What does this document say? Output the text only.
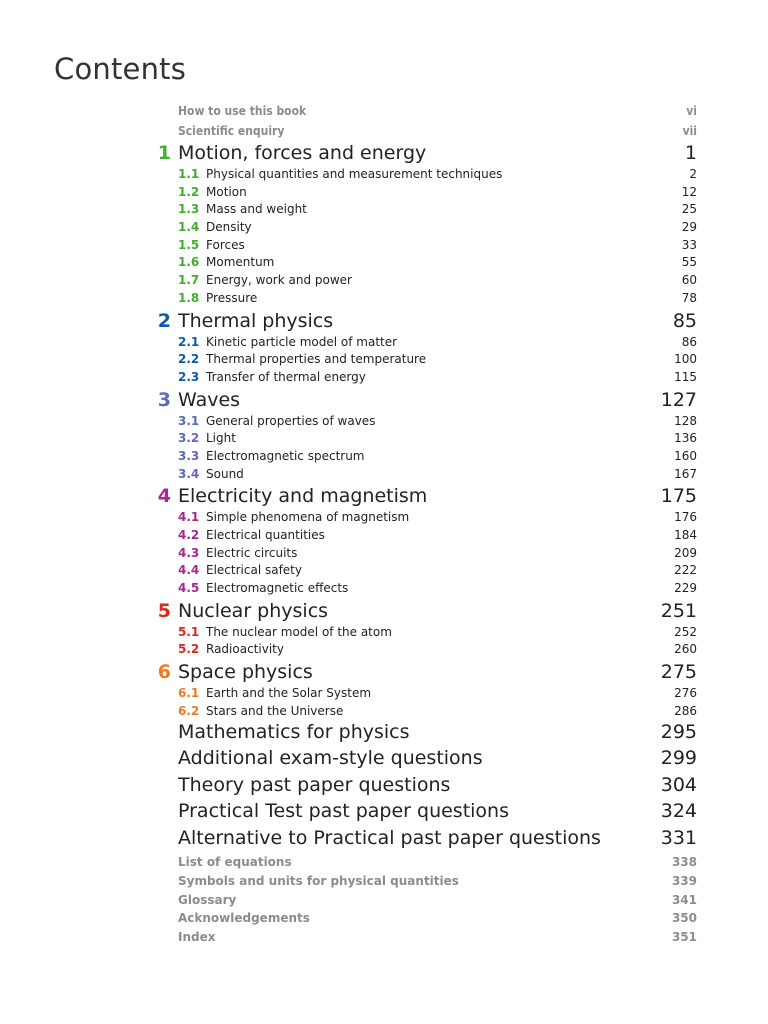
Contents
How to use this book	vi
Scientific enquiry	vii
1 Motion, forces and energy	1
1.1 Physical quantities and measurement techniques	2
1.2 Motion	12
1.3 Mass and weight	25
1.4 Density	29
1.5 Forces	33
1.6 Momentum	55
1.7 Energy, work and power	60
1.8 Pressure	78
2 Thermal physics	85
2.1 Kinetic particle model of matter	86
2.2 Thermal properties and temperature	100
2.3 Transfer of thermal energy	115
3 Waves	127
3.1 General properties of waves	128
3.2 Light	136
3.3 Electromagnetic spectrum	160
3.4 Sound	167
4 Electricity and magnetism	175
4.1 Simple phenomena of magnetism	176
4.2 Electrical quantities	184
4.3 Electric circuits	209
4.4 Electrical safety	222
4.5 Electromagnetic effects	229
5 Nuclear physics	251
5.1 The nuclear model of the atom	252
5.2 Radioactivity	260
6 Space physics	275
6.1 Earth and the Solar System	276
6.2 Stars and the Universe	286
Mathematics for physics	295
Additional exam-style questions	299
Theory past paper questions	304
Practical Test past paper questions	324
Alternative to Practical past paper questions	331
List of equations	338
Symbols and units for physical quantities	339
Glossary	341
Acknowledgements	350
Index	351
